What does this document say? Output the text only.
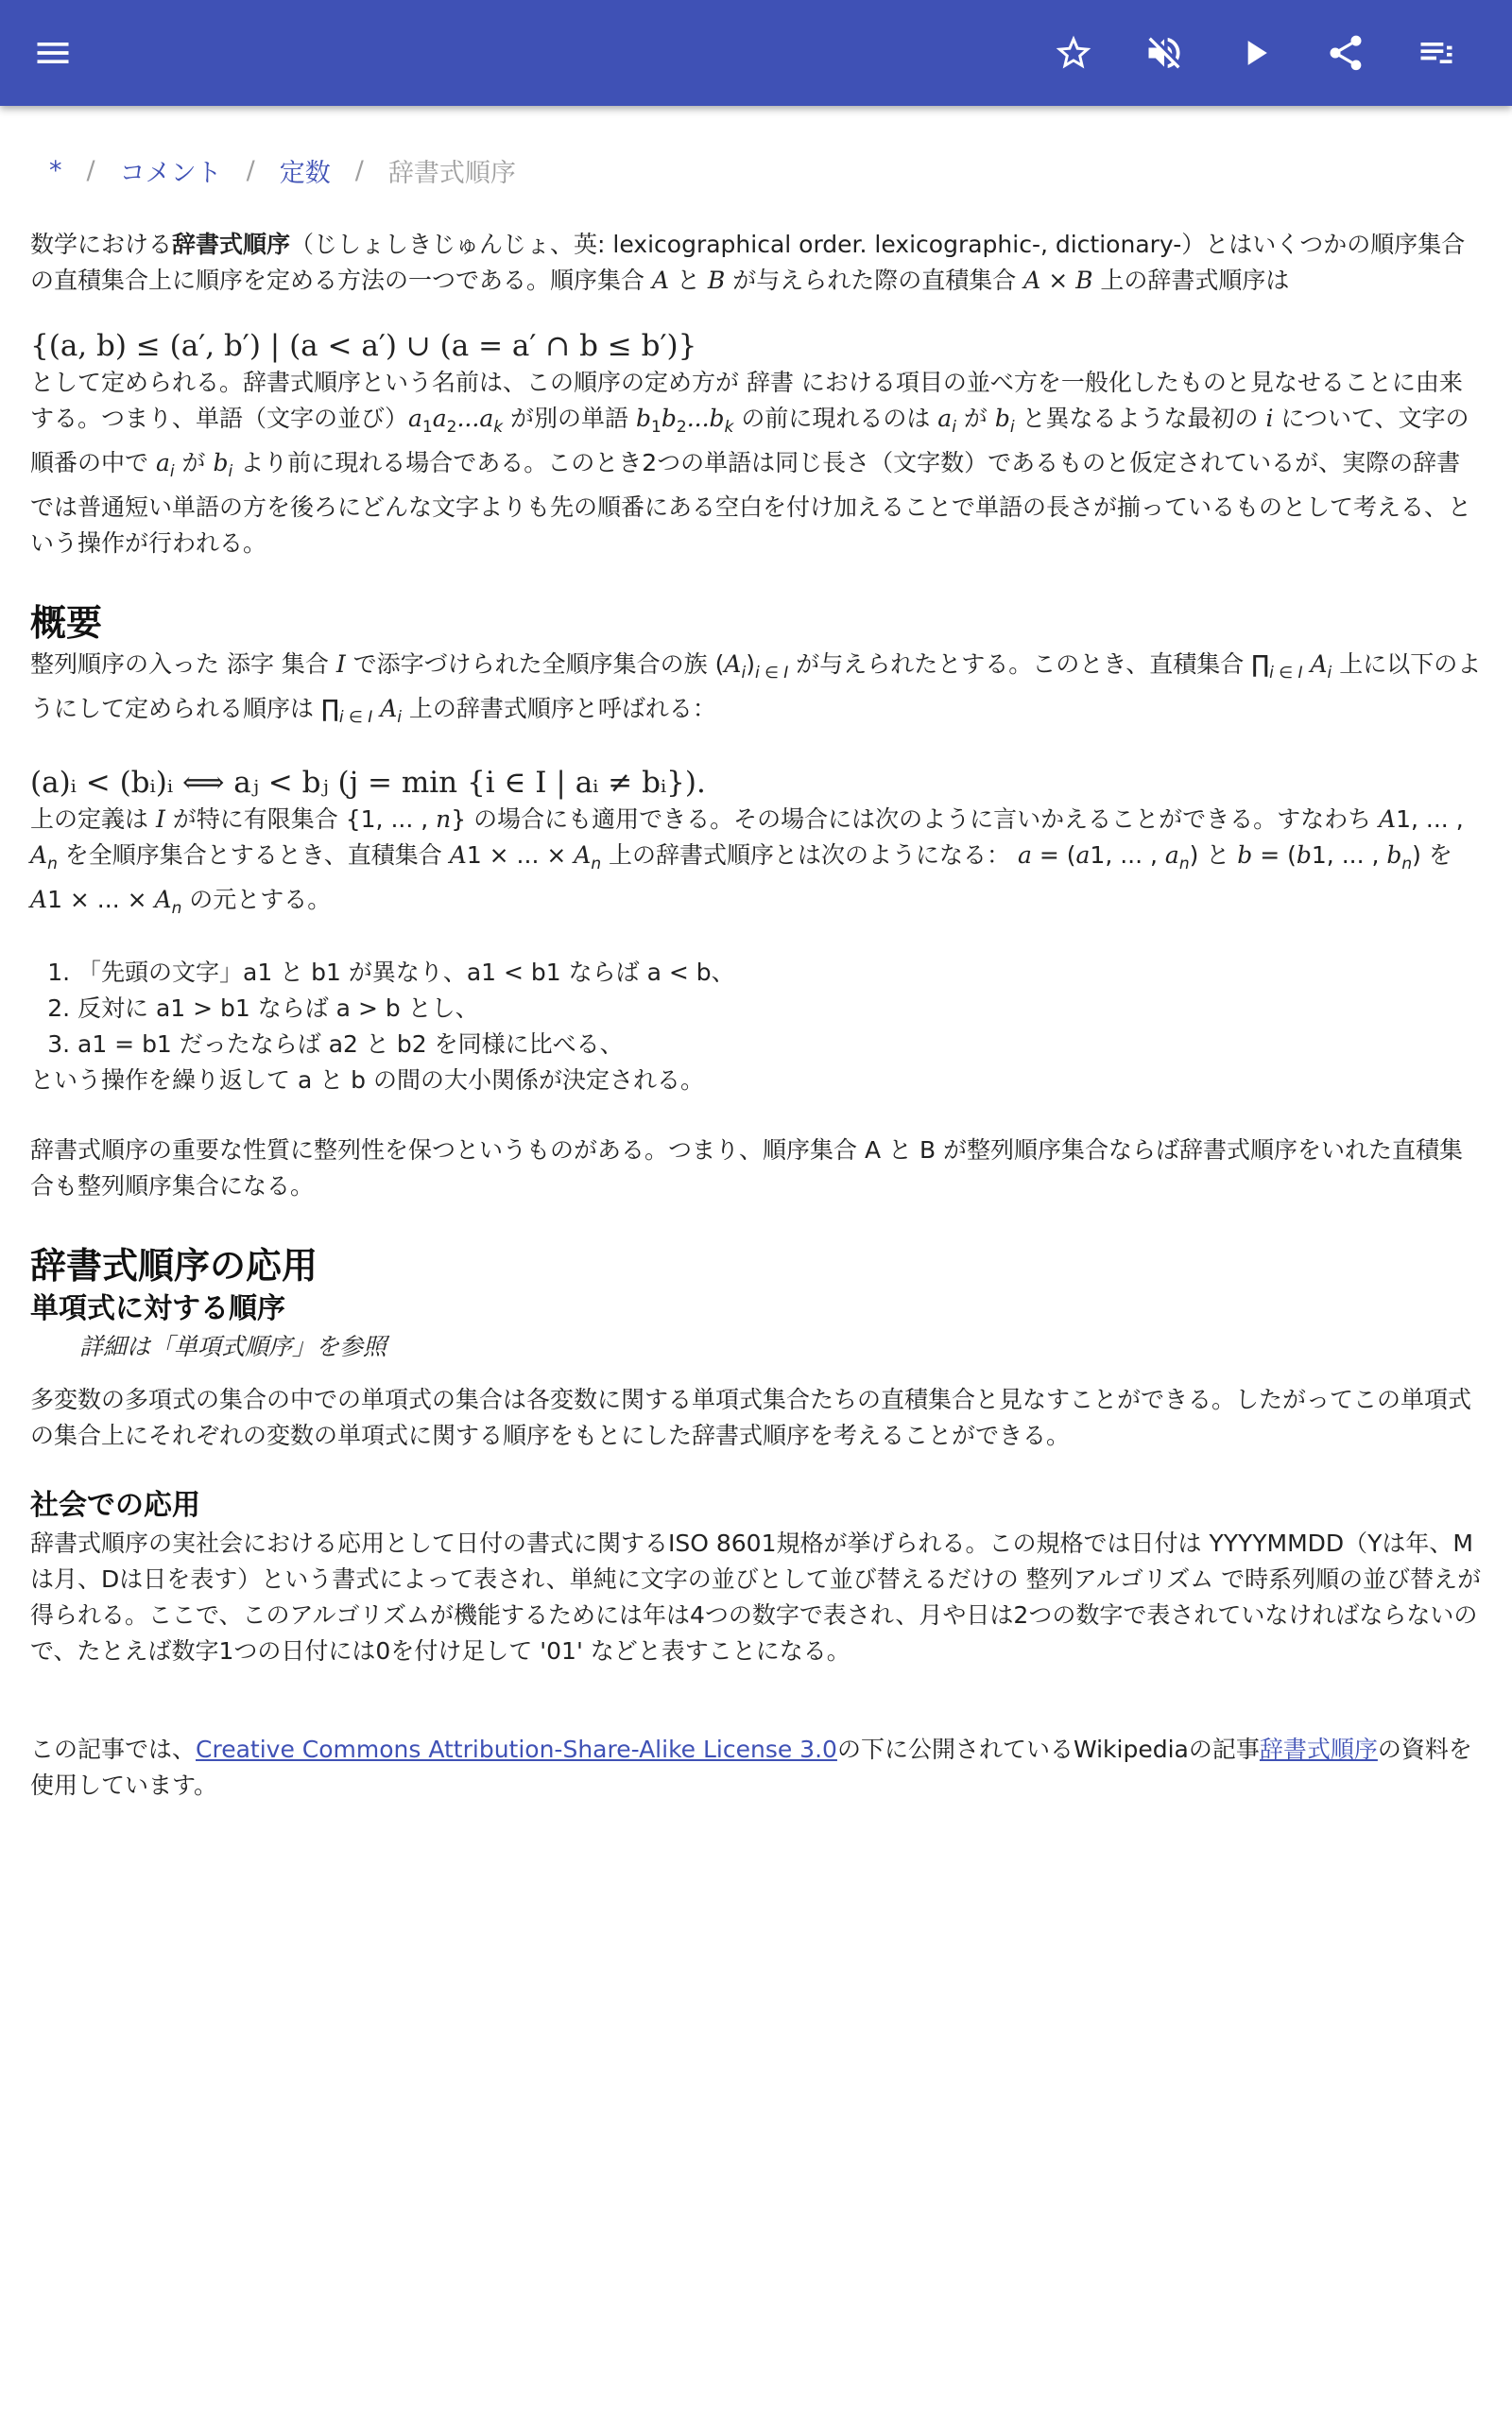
* / コメント / 定数 / 辞書式順序

数学における辞書式順序（じしょしきじゅんじょ、英: lexicographical order. lexicographic-, dictionary-）とはいくつかの順序集合の直積集合上に順序を定める方法の一つである。順序集合 A と B が与えられた際の直積集合 A × B 上の辞書式順序は

{(a, b) ≤ (a′, b′) | (a < a′) ∪ (a = a′ ∩ b ≤ b′)}

として定められる。辞書式順序という名前は、この順序の定め方が 辞書 における項目の並べ方を一般化したものと見なせることに由来する。つまり、単語（文字の並び）$a_1a_2...a_k$ が別の単語 $b_1b_2...b_k$ の前に現れるのは $a_i$ が $b_i$ と異なるような最初の i について、文字の順番の中で $a_i$ が $b_i$ より前に現れる場合である。このとき2つの単語は同じ長さ（文字数）であるものと仮定されているが、実際の辞書では普通短い単語の方を後ろにどんな文字よりも先の順番にある空白を付け加えることで単語の長さが揃っているものとして考える、という操作が行われる。

概要

整列順序の入った 添字 集合 I で添字づけられた全順序集合の族 $(A_i)_{i \in I}$ が与えられたとする。このとき、直積集合 $\prod_{i \in I}$ $A_i$ 上に以下のようにして定められる順序は $\prod_{i \in I}$ $A_i$ 上の辞書式順序と呼ばれる：

(a)ᵢ < (bᵢ)ᵢ ⟺ aⱼ < bⱼ (j = min {i ∈ I | aᵢ ≠ bᵢ}).

上の定義は I が特に有限集合 {1, ... , n} の場合にも適用できる。その場合には次のように言いかえることができる。すなわち A1, ... , $A_n$ を全順序集合とするとき、直積集合 A1 × ... × $A_n$ 上の辞書式順序とは次のようになる： a = (a1, ... , $a_n$) と b = (b1, ... , $b_n$) を A1 × ... × $A_n$ の元とする。

1. 「先頭の文字」a1 と b1 が異なり、a1 < b1 ならば a < b、
2. 反対に a1 > b1 ならば a > b とし、
3. a1 = b1 だったならば a2 と b2 を同様に比べる、

という操作を繰り返して a と b の間の大小関係が決定される。

辞書式順序の重要な性質に整列性を保つというものがある。つまり、順序集合 A と B が整列順序集合ならば辞書式順序をいれた直積集合も整列順序集合になる。

辞書式順序の応用
単項式に対する順序
詳細は「単項式順序」を参照

多変数の多項式の集合の中での単項式の集合は各変数に関する単項式集合たちの直積集合と見なすことができる。したがってこの単項式の集合上にそれぞれの変数の単項式に関する順序をもとにした辞書式順序を考えることができる。

社会での応用

辞書式順序の実社会における応用として日付の書式に関するISO 8601規格が挙げられる。この規格では日付は YYYYMMDD（Yは年、Mは月、Dは日を表す）という書式によって表され、単純に文字の並びとして並び替えるだけの 整列アルゴリズム で時系列順の並び替えが得られる。ここで、このアルゴリズムが機能するためには年は4つの数字で表され、月や日は2つの数字で表されていなければならないので、たとえば数字1つの日付には0を付け足して '01' などと表すことになる。

この記事では、Creative Commons Attribution-Share-Alike License 3.0の下に公開されているWikipediaの記事辞書式順序の資料を使用しています。
